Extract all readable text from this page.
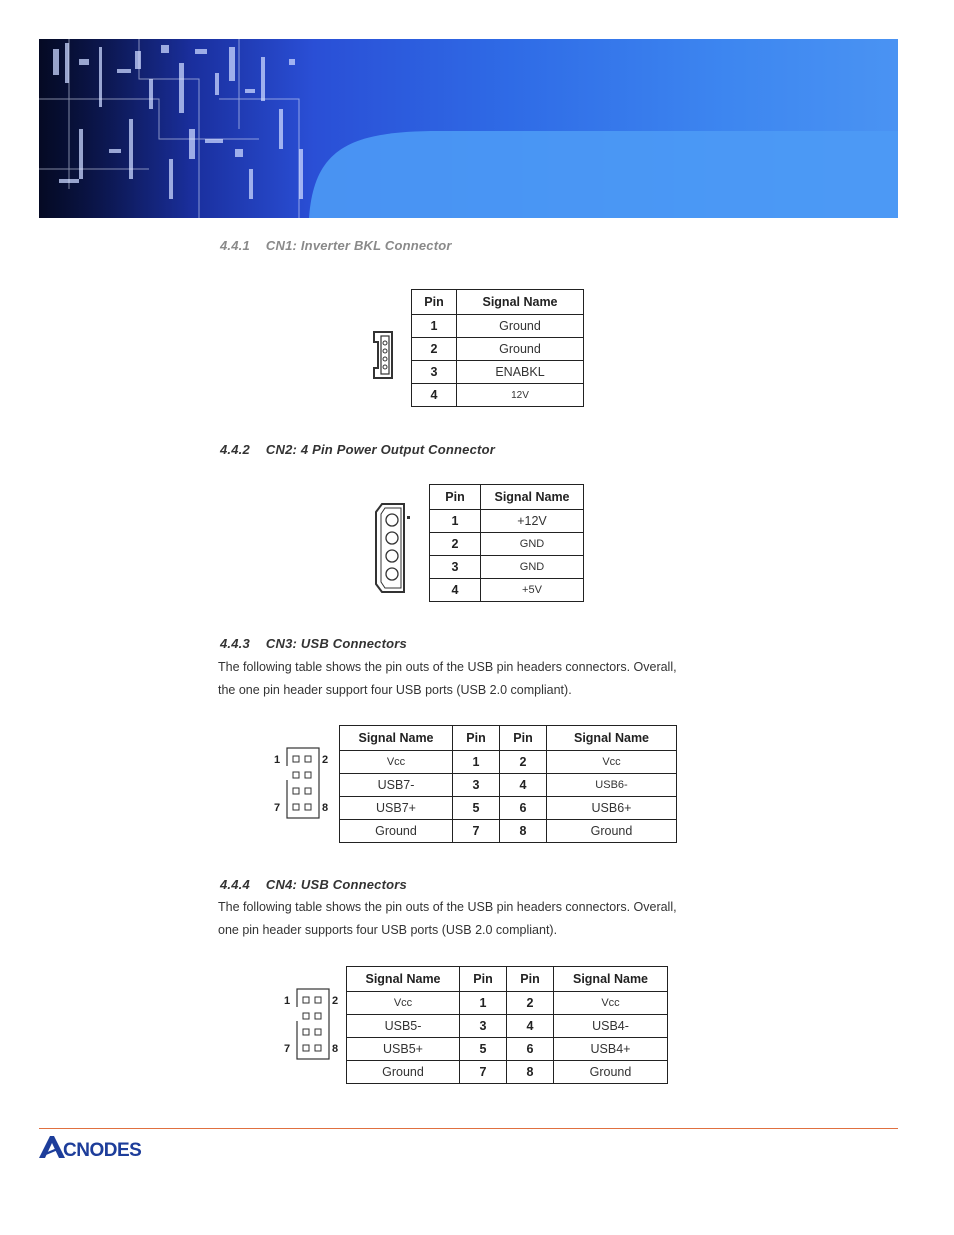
4.4.1 CN1: Inverter BKL Connector
Pin	Signal Name
1	Ground
2	Ground
3	ENABKL
4	12V
4.4.2 CN2: 4 Pin Power Output Connector
Pin	Signal Name
1	+12V
2	GND
3	GND
4	+5V
4.4.3 CN3: USB Connectors
The following table shows the pin outs of the USB pin headers connectors. Overall,
the one pin header support four USB ports (USB 2.0 compliant).
1	2
7	8
Signal Name	Pin	Pin	Signal Name
Vcc	1	2	Vcc
USB7-	3	4	USB6-
USB7+	5	6	USB6+
Ground	7	8	Ground
4.4.4 CN4: USB Connectors
The following table shows the pin outs of the USB pin headers connectors. Overall,
one pin header supports four USB ports (USB 2.0 compliant).
1	2
7	8
Signal Name	Pin	Pin	Signal Name
Vcc	1	2	Vcc
USB5-	3	4	USB4-
USB5+	5	6	USB4+
Ground	7	8	Ground
CNODES
